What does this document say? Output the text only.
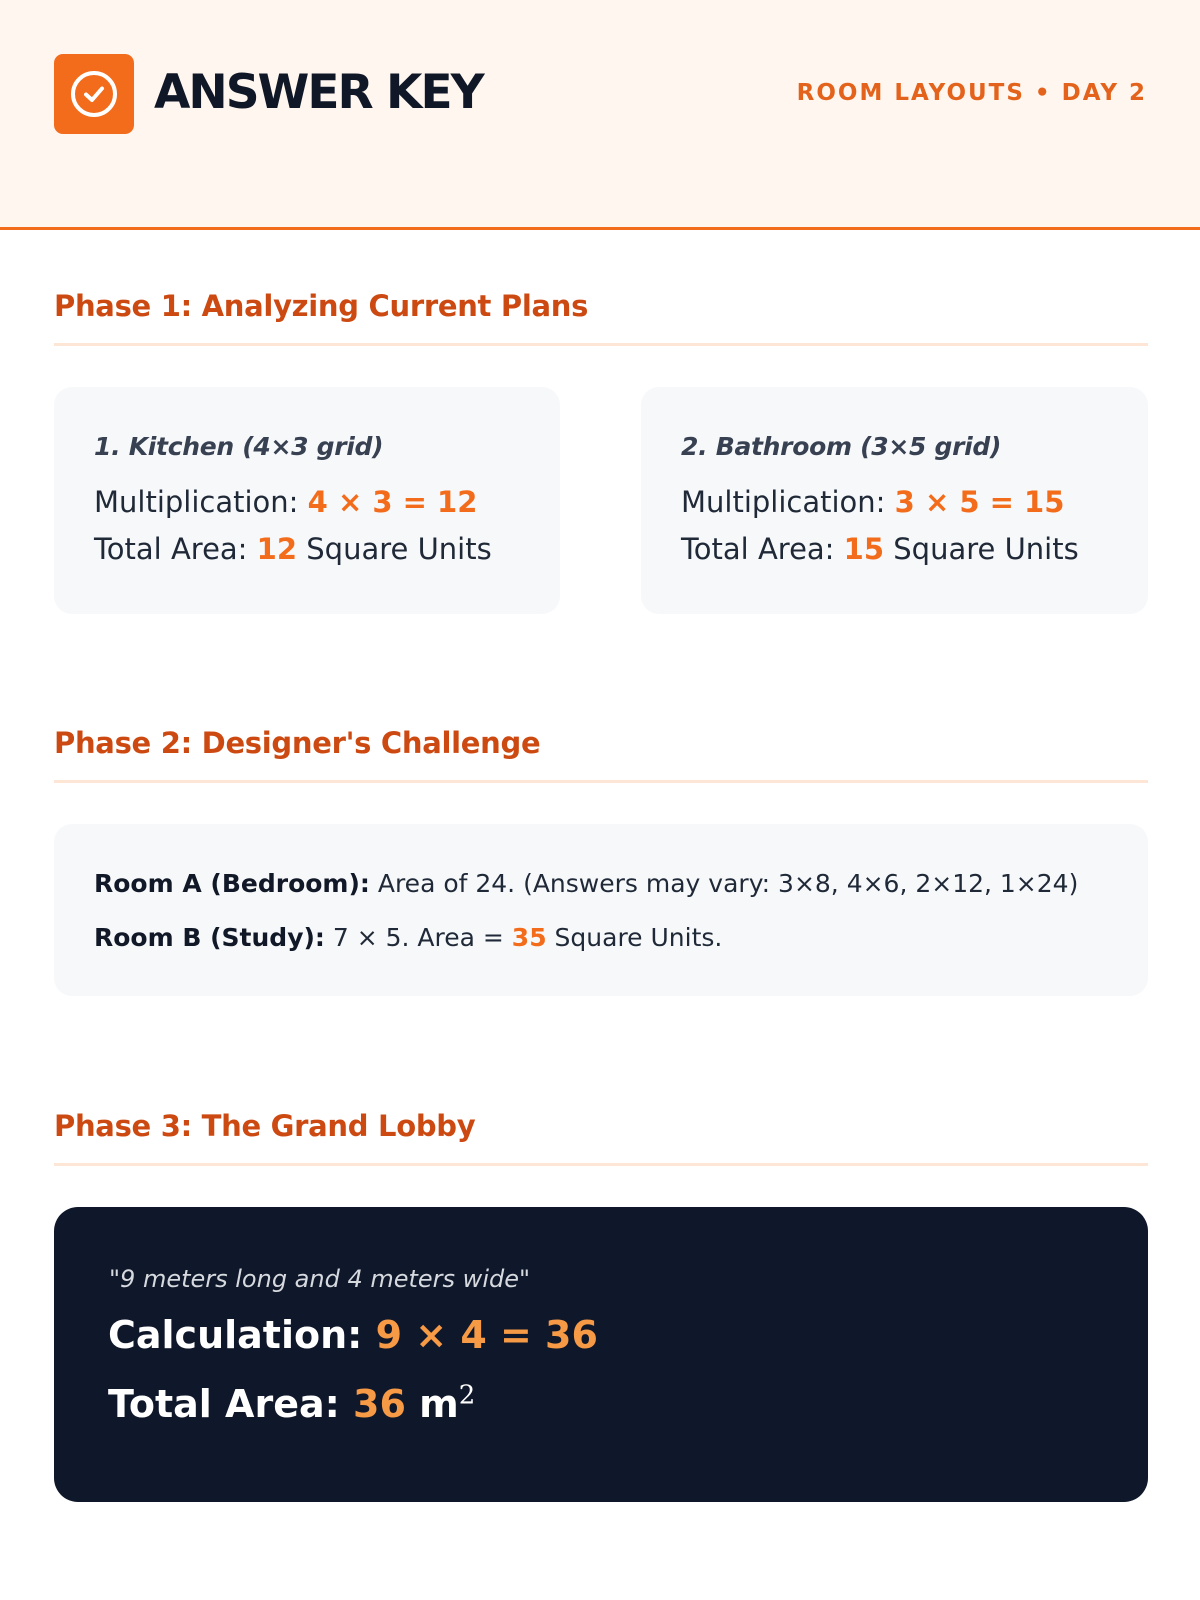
ANSWER KEY	ROOM LAYOUTS • DAY 2
Phase 1: Analyzing Current Plans
1. Kitchen (4×3 grid)
Multiplication: 4 × 3 = 12
Total Area: 12 Square Units
2. Bathroom (3×5 grid)
Multiplication: 3 × 5 = 15
Total Area: 15 Square Units
Phase 2: Designer's Challenge
Room A (Bedroom): Area of 24. (Answers may vary: 3×8, 4×6, 2×12, 1×24)
Room B (Study): 7 × 5. Area = 35 Square Units.
Phase 3: The Grand Lobby
"9 meters long and 4 meters wide"
Calculation: 9 × 4 = 36
Total Area: 36 $m^2$
